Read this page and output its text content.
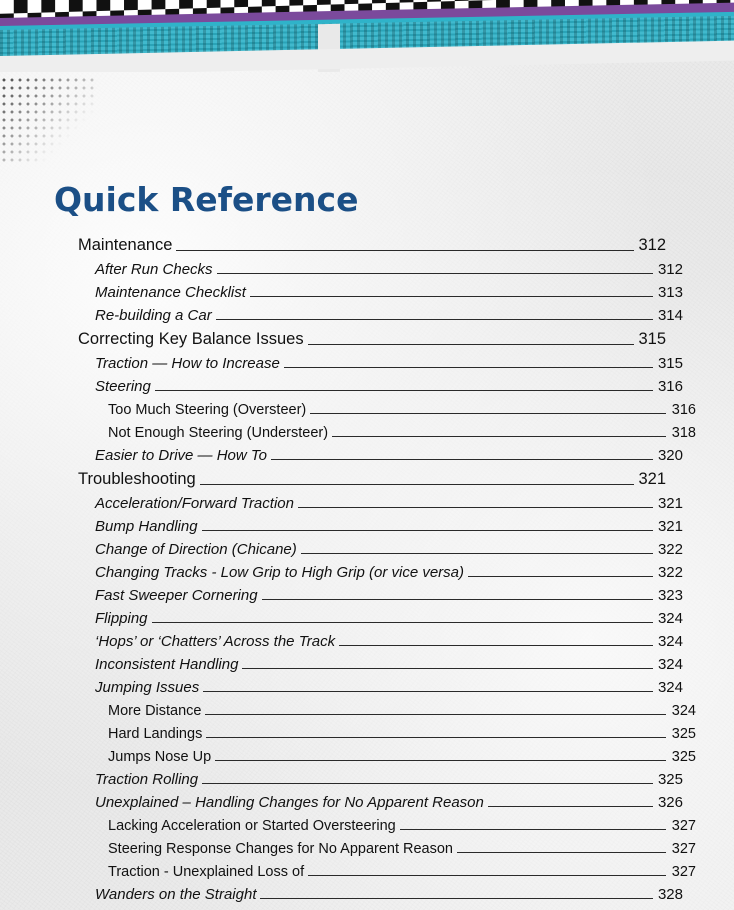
Quick Reference
Maintenance	312
After Run Checks	312
Maintenance Checklist	313
Re-building a Car	314
Correcting Key Balance Issues	315
Traction — How to Increase	315
Steering	316
Too Much Steering (Oversteer)	316
Not Enough Steering (Understeer)	318
Easier to Drive — How To	320
Troubleshooting	321
Acceleration/Forward Traction	321
Bump Handling	321
Change of Direction (Chicane)	322
Changing Tracks - Low Grip to High Grip (or vice versa)	322
Fast Sweeper Cornering	323
Flipping	324
‘Hops’ or ‘Chatters’ Across the Track	324
Inconsistent Handling	324
Jumping Issues	324
More Distance	324
Hard Landings	325
Jumps Nose Up	325
Traction Rolling	325
Unexplained – Handling Changes for No Apparent Reason	326
Lacking Acceleration or Started Oversteering	327
Steering Response Changes for No Apparent Reason	327
Traction - Unexplained Loss of	327
Wanders on the Straight	328
